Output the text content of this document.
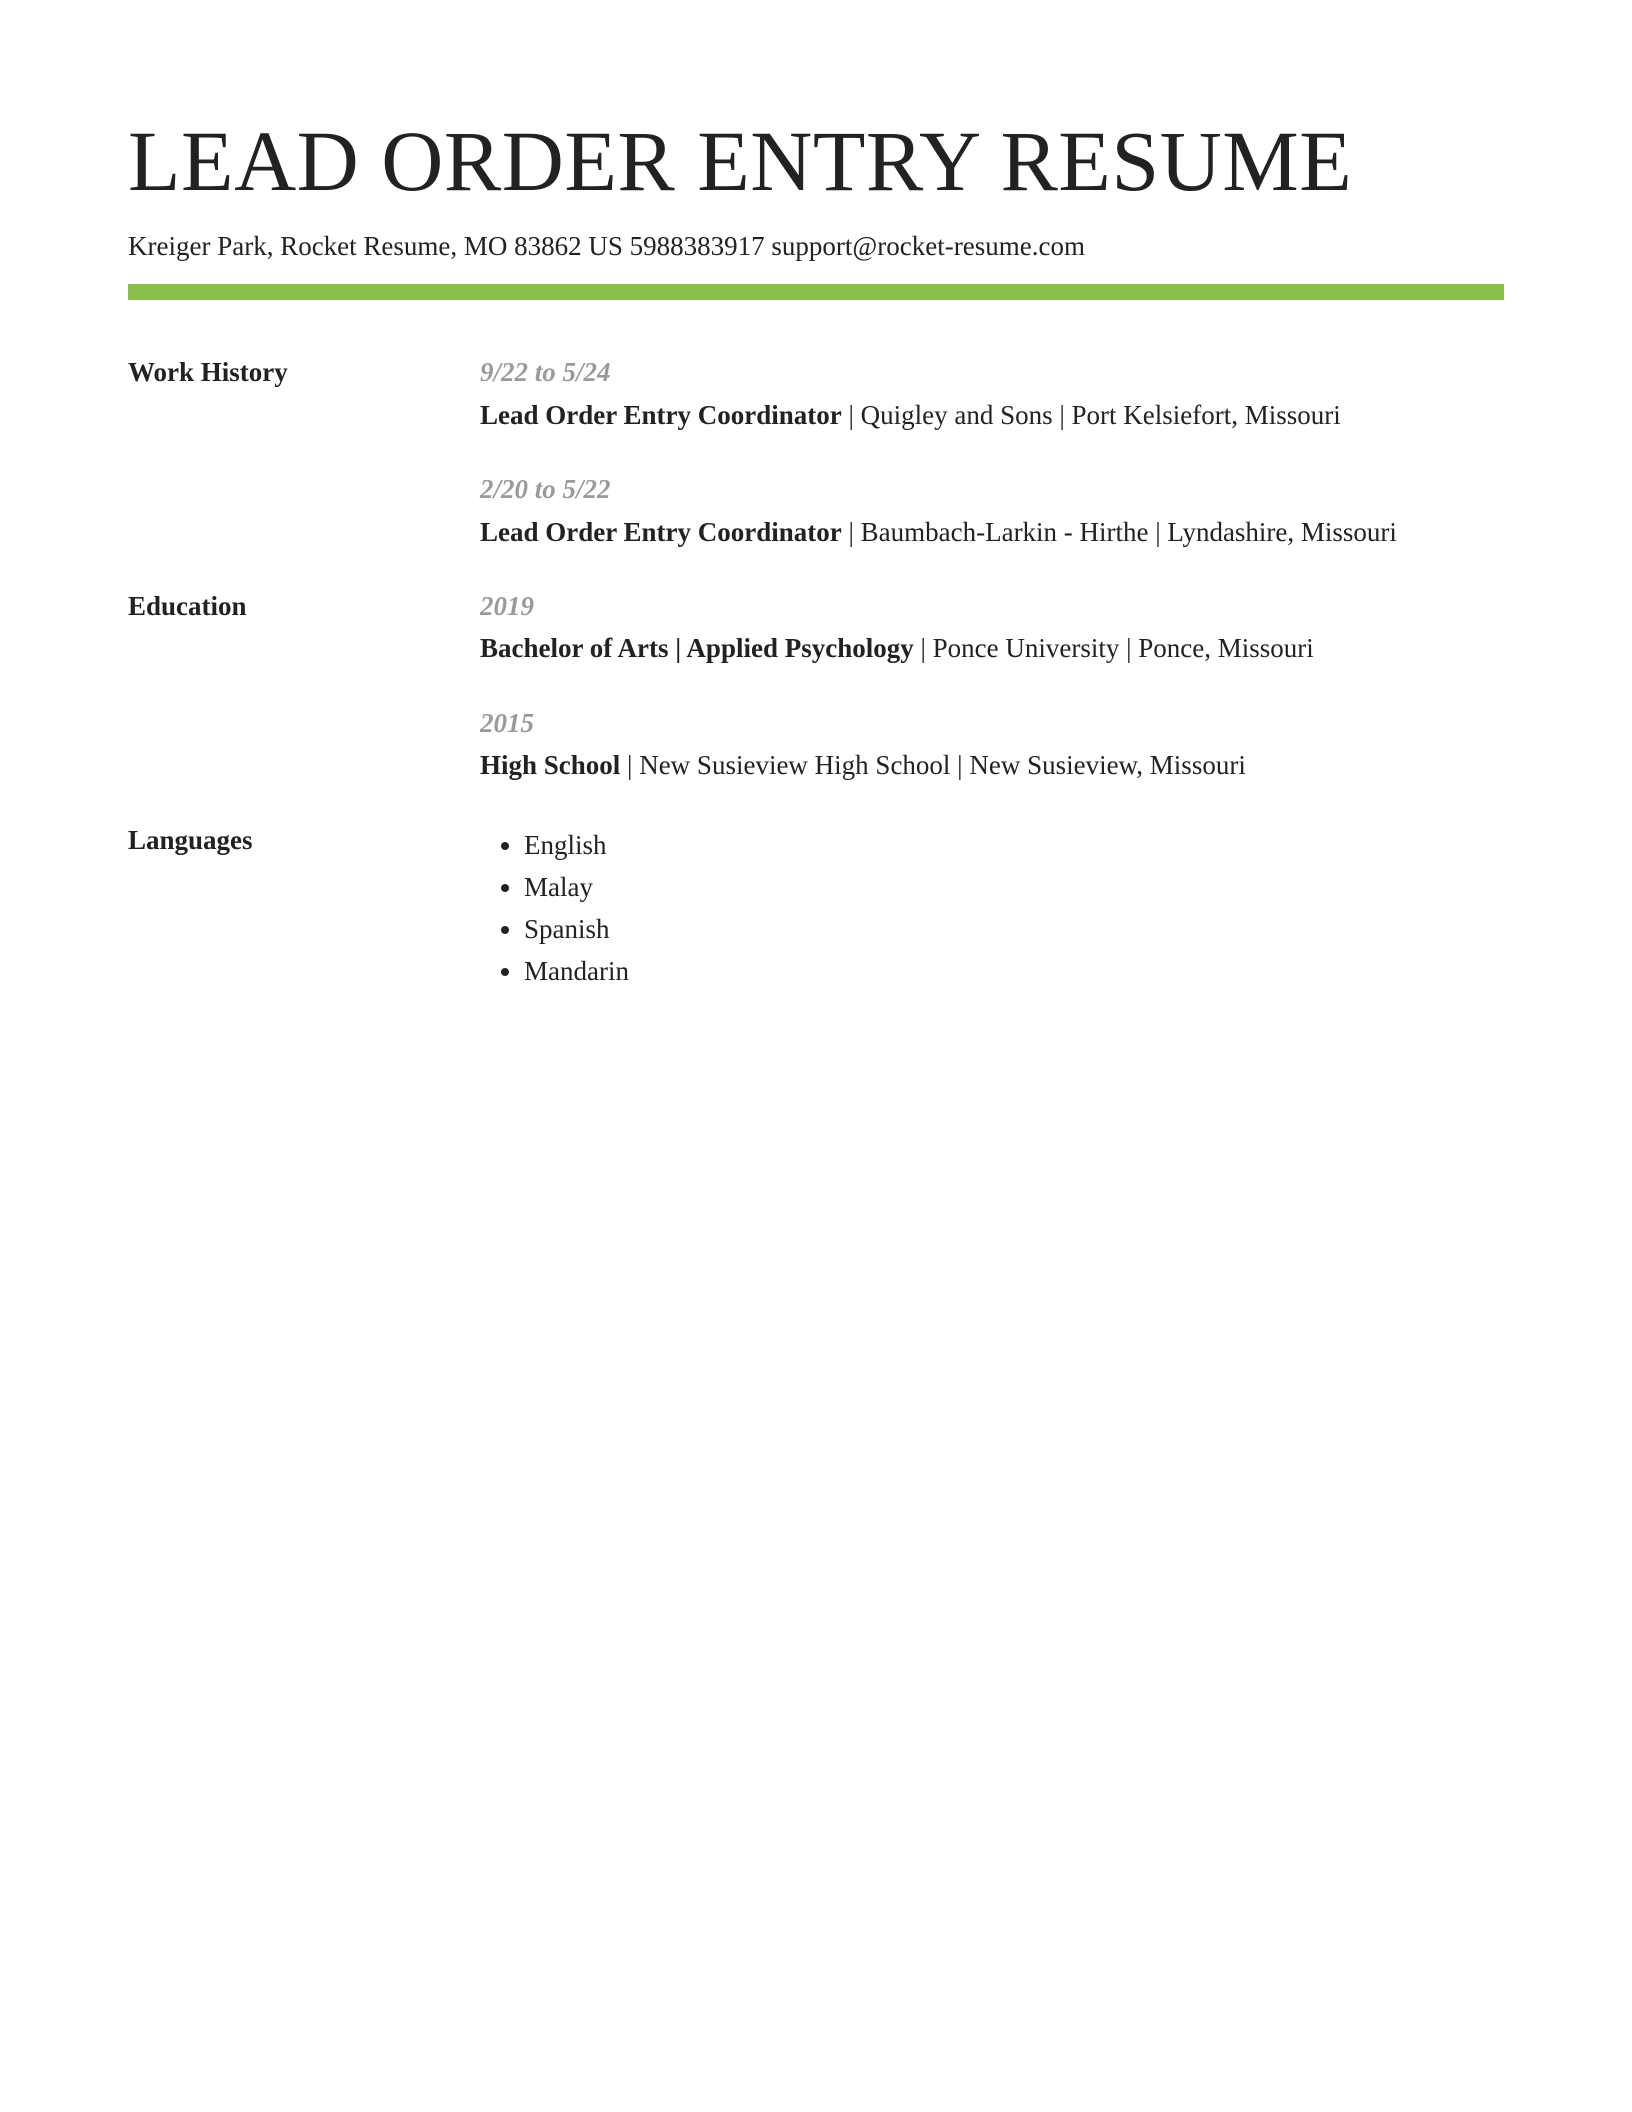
LEAD ORDER ENTRY RESUME
Kreiger Park, Rocket Resume, MO 83862 US 5988383917 support@rocket-resume.com
Work History	9/22 to 5/24
Lead Order Entry Coordinator | Quigley and Sons | Port Kelsiefort, Missouri
2/20 to 5/22
Lead Order Entry Coordinator | Baumbach-Larkin - Hirthe | Lyndashire, Missouri
Education	2019
Bachelor of Arts | Applied Psychology | Ponce University | Ponce, Missouri
2015
High School | New Susieview High School | New Susieview, Missouri
Languages
•	English
• Malay
• Spanish
• Mandarin
